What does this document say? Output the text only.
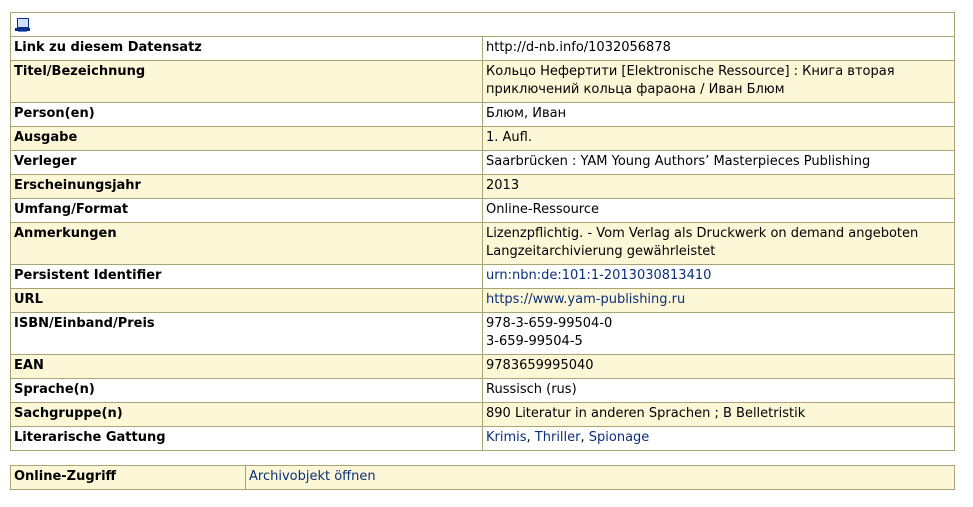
Link zu diesem Datensatz	http://d-nb.info/1032056878
Titel/Bezeichnung	Кольцо Нефертити [Elektronische Ressource] : Книга вторая приключений кольца фараона / Иван Блюм
Person(en)	Блюм, Иван
Ausgabe	1. Aufl.
Verleger	Saarbrücken : YAM Young Authors’ Masterpieces Publishing
Erscheinungsjahr	2013
Umfang/Format	Online-Ressource
Anmerkungen	Lizenzpflichtig. - Vom Verlag als Druckwerk on demand angeboten
Langzeitarchivierung gewährleistet

Persistent Identifier	urn:nbn:de:101:1-2013030813410
URL	https://www.yam-publishing.ru
ISBN/Einband/Preis	978-3-659-99504-0
3-659-99504-5

EAN	9783659995040
Sprache(n)	Russisch (rus)
Sachgruppe(n)	890 Literatur in anderen Sprachen ; B Belletristik
Literarische Gattung	Krimis, Thriller, Spionage
Online-Zugriff	Archivobjekt öffnen
